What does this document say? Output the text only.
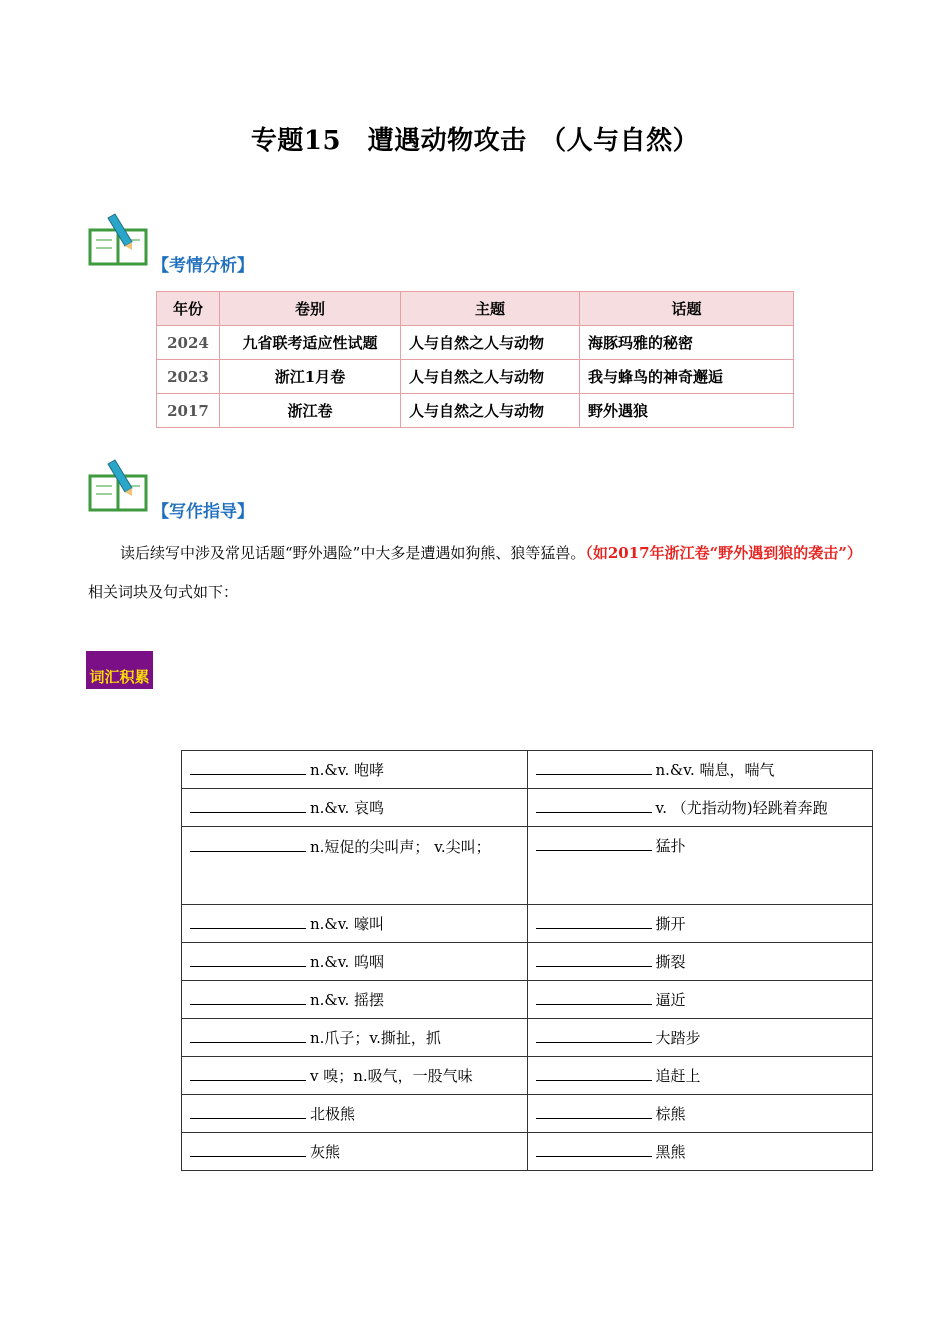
专题15　遭遇动物攻击　（人与自然）
【考情分析】
年份	卷别	主题	话题
2024	九省联考适应性试题	人与自然之人与动物	海豚玛雅的秘密
2023	浙江1月卷	人与自然之人与动物	我与蜂鸟的神奇邂逅
2017	浙江卷	人与自然之人与动物	野外遇狼
【写作指导】
读后续写中涉及常见话题“野外遇险”中大多是遭遇如狗熊、狼等猛兽。（如2017年浙江卷“野外遇到狼的袭击”）相关词块及句式如下：
词汇积累
n.&v. 咆哮	n.&v. 喘息，喘气
n.&v. 哀鸣	v. （尤指动物)轻跳着奔跑
n.短促的尖叫声； v.尖叫；	猛扑
n.&v. 嚎叫	撕开
n.&v. 呜咽	撕裂
n.&v. 摇摆	逼近
n.爪子；v.撕扯，抓	大踏步
v 嗅；n.吸气，一股气味	追赶上
北极熊	棕熊
灰熊	黑熊
